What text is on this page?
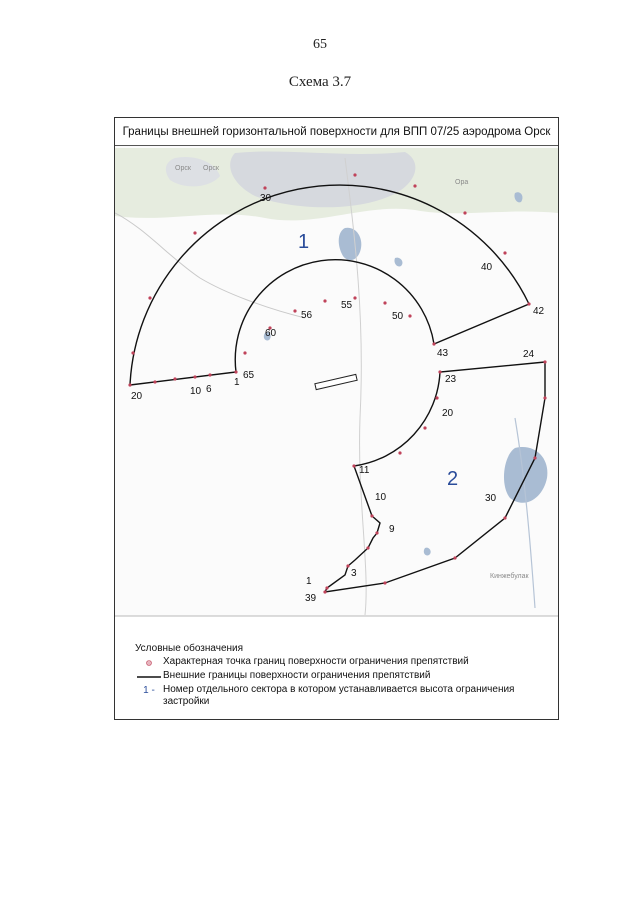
65
Схема 3.7
Границы внешней горизонтальной поверхности для ВПП 07/25 аэродрома Орск
Орск Орск
Ора
Кинжебулак
1
2
30
40
42
43
50
55
56
60
65
1
6
10
20
24
23
20
11
10
9
3
1
39
30
Условные обозначения
Характерная точка границ поверхности ограничения препятствий
Внешние границы поверхности ограничения препятствий
1 - Номер отдельного сектора в котором устанавливается высота ограничения застройки
